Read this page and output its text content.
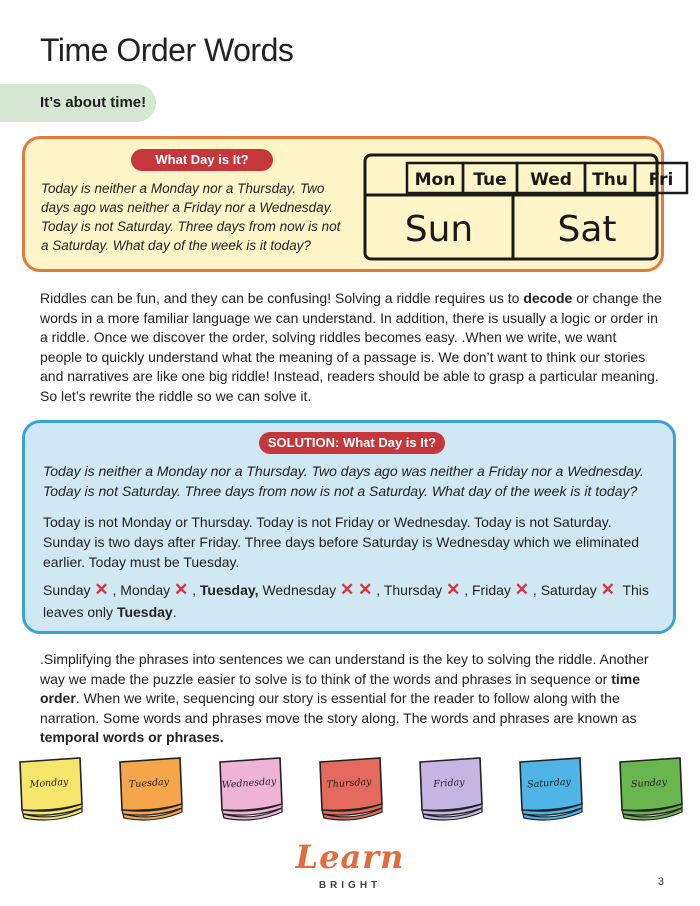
Time Order Words
It’s about time!
What Day is It?
Today is neither a Monday nor a Thursday. Two days ago was neither a Friday nor a Wednesday. Today is not Saturday. Three days from now is not a Saturday. What day of the week is it today?
Mon Tue Wed Thu Fri
Sun Sat
Riddles can be fun, and they can be confusing! Solving a riddle requires us to decode or change the words in a more familiar language we can understand. In addition, there is usually a logic or order in a riddle. Once we discover the order, solving riddles becomes easy. .When we write, we want people to quickly understand what the meaning of a passage is. We don’t want to think our stories and narratives are like one big riddle! Instead, readers should be able to grasp a particular meaning. So let’s rewrite the riddle so we can solve it.
SOLUTION: What Day is It?
Today is neither a Monday nor a Thursday. Two days ago was neither a Friday nor a Wednesday. Today is not Saturday. Three days from now is not a Saturday. What day of the week is it today?
Today is not Monday or Thursday. Today is not Friday or Wednesday. Today is not Saturday. Sunday is two days after Friday. Three days before Saturday is Wednesday which we eliminated earlier. Today must be Tuesday.
Sunday ✕ , Monday ✕ , Tuesday, Wednesday ✕ ✕ , Thursday ✕ , Friday ✕ , Saturday ✕ This leaves only Tuesday.
.Simplifying the phrases into sentences we can understand is the key to solving the riddle. Another way we made the puzzle easier to solve is to think of the words and phrases in sequence or time order. When we write, sequencing our story is essential for the reader to follow along with the narration. Some words and phrases move the story along. The words and phrases are known as temporal words or phrases.
Monday	Tuesday	Wednesday	Thursday	Friday	Saturday	Sunday
Learn
BRIGHT	3
